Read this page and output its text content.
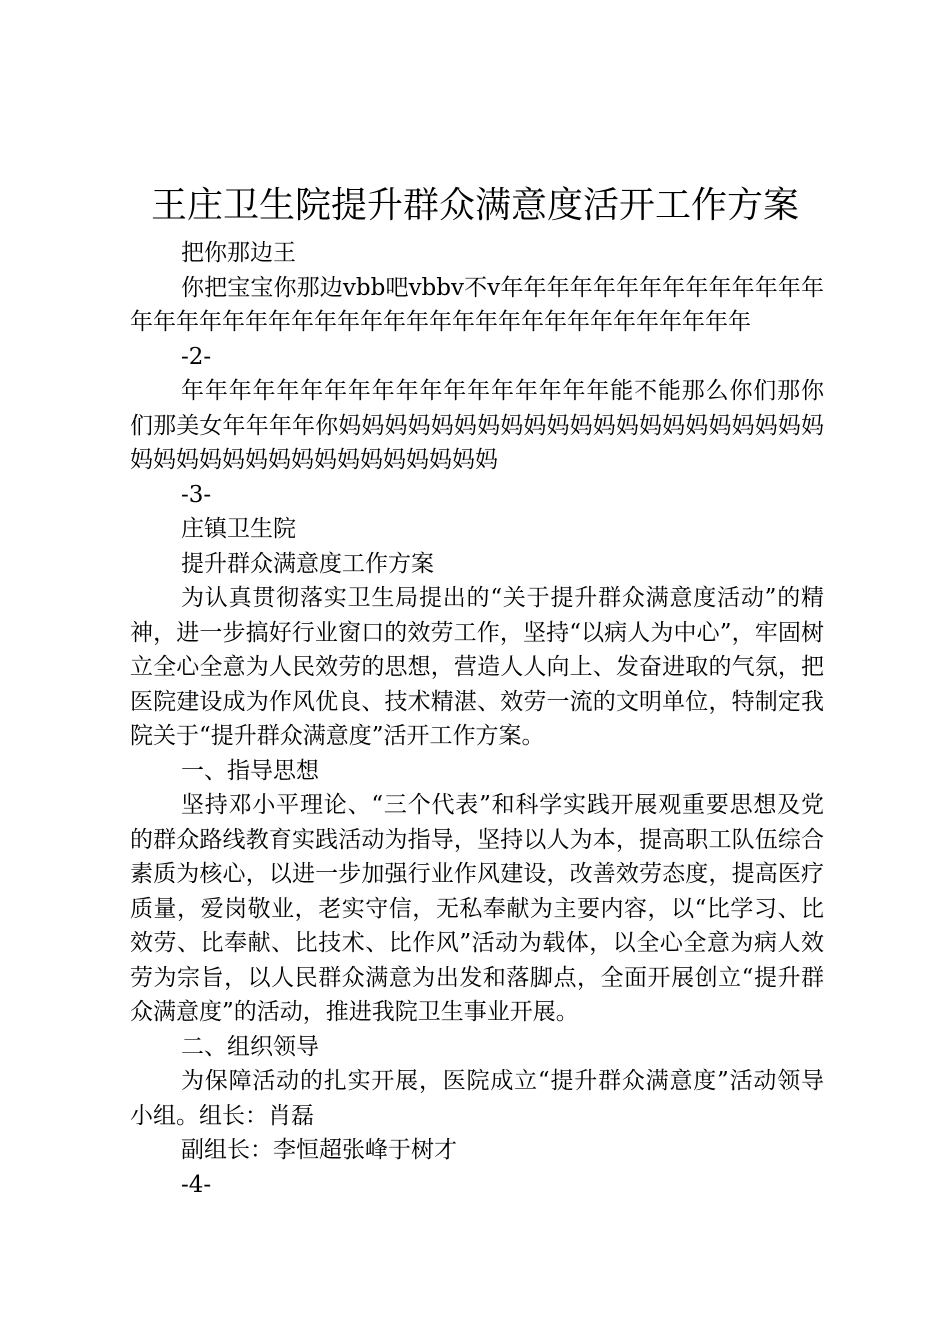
王庄卫生院提升群众满意度活开工作方案

把你那边王

你把宝宝你那边vbb吧vbbv不v年年年年年年年年年年年年年年年年年年年年年年年年年年年年年年年年年年年年年年年年年

-2-

年年年年年年年年年年年年年年年年年年能不能那么你们那你们那美女年年年年你妈妈妈妈妈妈妈妈妈妈妈妈妈妈妈妈妈妈妈妈妈妈妈妈妈妈妈妈妈妈妈妈妈妈妈妈妈

-3-

庄镇卫生院

提升群众满意度工作方案

为认真贯彻落实卫生局提出的“关于提升群众满意度活动”的精神，进一步搞好行业窗口的效劳工作，坚持“以病人为中心”，牢固树立全心全意为人民效劳的思想，营造人人向上、发奋进取的气氛，把医院建设成为作风优良、技术精湛、效劳一流的文明单位，特制定我院关于“提升群众满意度”活开工作方案。

一、指导思想

坚持邓小平理论、“三个代表”和科学实践开展观重要思想及党的群众路线教育实践活动为指导，坚持以人为本，提高职工队伍综合素质为核心，以进一步加强行业作风建设，改善效劳态度，提高医疗质量，爱岗敬业，老实守信，无私奉献为主要内容，以“比学习、比效劳、比奉献、比技术、比作风”活动为载体，以全心全意为病人效劳为宗旨，以人民群众满意为出发和落脚点，全面开展创立“提升群众满意度”的活动，推进我院卫生事业开展。

二、组织领导

为保障活动的扎实开展，医院成立“提升群众满意度”活动领导小组。组长：肖磊

副组长：李恒超张峰于树才

-4-
